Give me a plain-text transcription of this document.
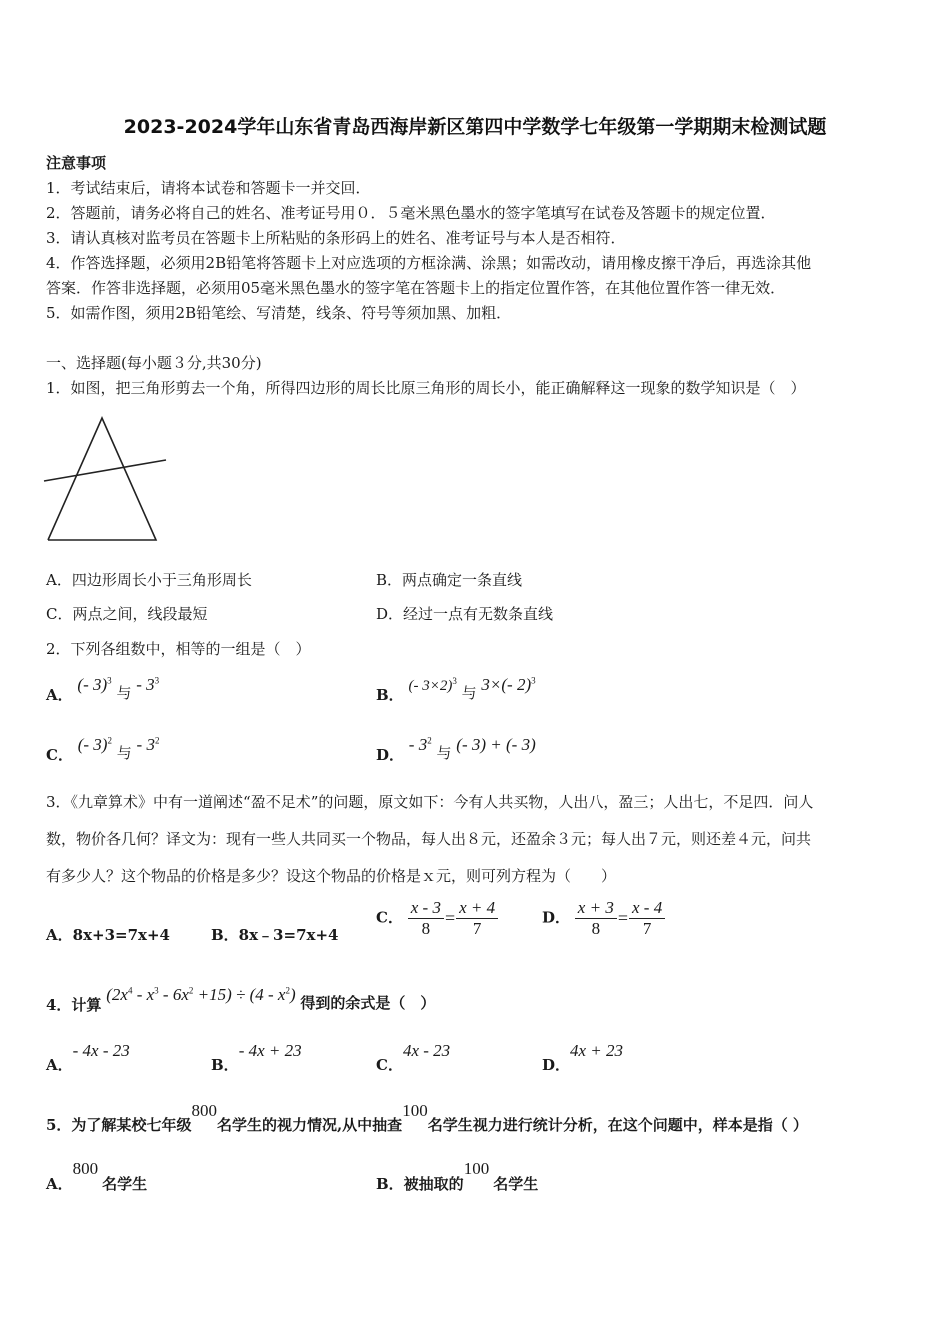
2023-2024学年山东省青岛西海岸新区第四中学数学七年级第一学期期末检测试题
注意事项
1．考试结束后，请将本试卷和答题卡一并交回．
2．答题前，请务必将自己的姓名、准考证号用０．５毫米黑色墨水的签字笔填写在试卷及答题卡的规定位置．
3．请认真核对监考员在答题卡上所粘贴的条形码上的姓名、准考证号与本人是否相符．
4．作答选择题，必须用2B铅笔将答题卡上对应选项的方框涂满、涂黑；如需改动，请用橡皮擦干净后，再选涂其他
答案．作答非选择题，必须用05毫米黑色墨水的签字笔在答题卡上的指定位置作答，在其他位置作答一律无效．
5．如需作图，须用2B铅笔绘、写清楚，线条、符号等须加黑、加粗．
一、选择题(每小题３分,共30分)
1．如图，把三角形剪去一个角，所得四边形的周长比原三角形的周长小，能正确解释这一现象的数学知识是（　）
A．四边形周长小于三角形周长	B．两点确定一条直线
C．两点之间，线段最短	D．经过一点有无数条直线
2．下列各组数中，相等的一组是（　）
A． (- 3)$^3$ 与 - $3^3$
B． (- 3×2)$^3$ 与 3×(- 2)$^3$
C． (- 3)$^2$ 与 - $3^2$
D． - $3^2$ 与 (- 3) + (- 3)
3．《九章算术》中有一道阐述“盈不足术”的问题，原文如下：今有人共买物，人出八，盈三；人出七，不足四．问人
数，物价各几何？译文为：现有一些人共同买一个物品，每人出８元，还盈余３元；每人出７元，则还差４元，问共
有多少人？这个物品的价格是多少？设这个物品的价格是ｘ元，则可列方程为（　　）
A．8x+3=7x+4	B．8x﹣3=7x+4
C． $\frac{x - 3}{8} = \frac{x + 4}{7}$	D． $\frac{x + 3}{8} = \frac{x - 4}{7}$
4．计算 $(2x^4 - x^3 - 6x^2 +15) \div (4 - x^2)$ 得到的余式是（　）
A．- 4x - 23
B．- 4x + 23
C．4x - 23
D．4x + 23
5．为了解某校七年级800名学生的视力情况,从中抽查100名学生视力进行统计分析，在这个问题中，样本是指（ ）
A．800名学生	B．被抽取的100名学生
